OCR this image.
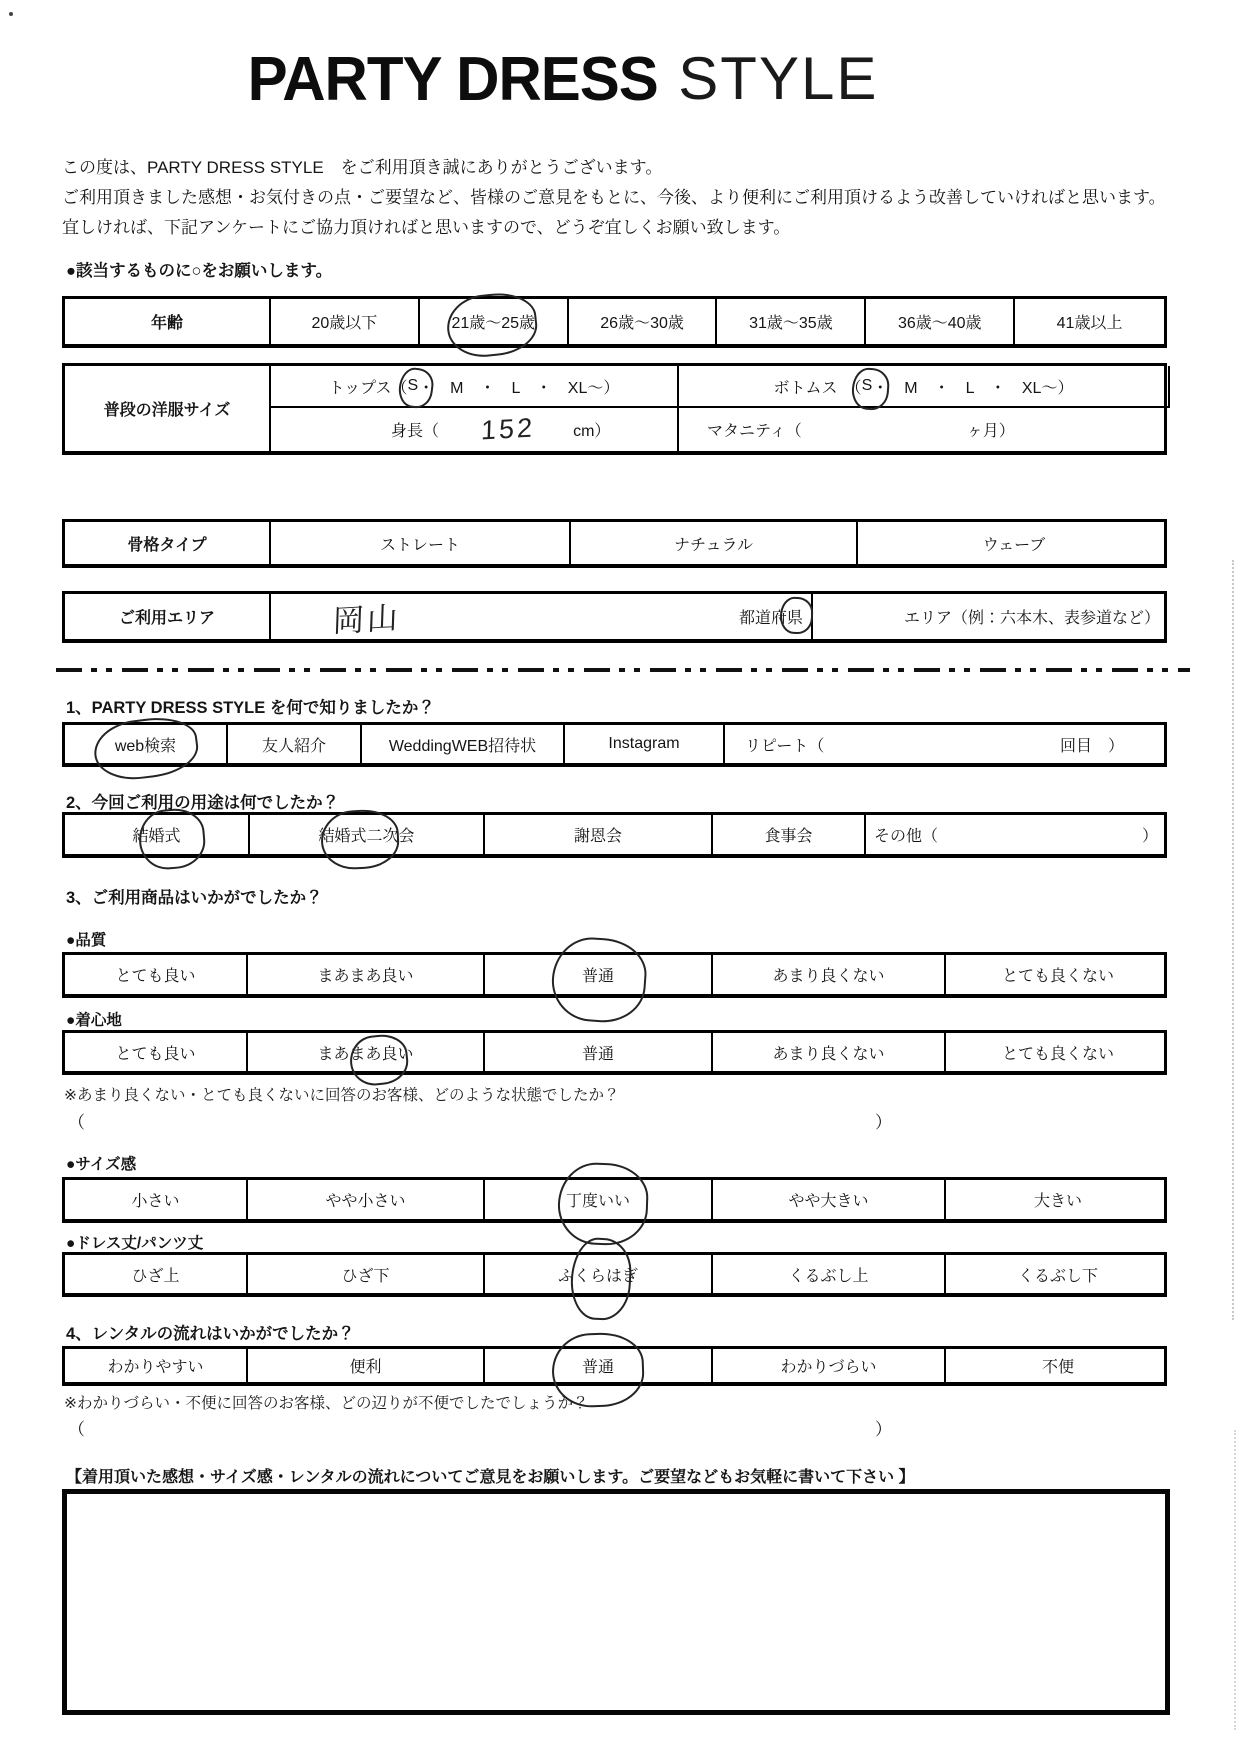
PARTY DRESS STYLE

この度は、PARTY DRESS STYLE　をご利用頂き誠にありがとうございます。

ご利用頂きました感想・お気付きの点・ご要望など、皆様のご意見をもとに、今後、より便利にご利用頂けるよう改善していければと思います。

宜しければ、下記アンケートにご協力頂ければと思いますので、どうぞ宜しくお願い致します。

●該当するものに○をお願いします。
年齢	20歳以下	21歳～25歳	26歳～30歳	31歳～35歳	36歳～40歳	41歳以上
普段の洋服サイズ
トップス（ S ・　M　・　L　・　XL～）	ボトムス　（ S ・　M　・　L　・　XL～）
身長（ 152 cm）	マタニティ（	ヶ月）
骨格タイプ	ストレート	ナチュラル	ウェーブ
ご利用エリア	岡山	都道府県	エリア（例：六本木、表参道など）
1、PARTY DRESS STYLE を何で知りましたか？
web検索	友人紹介	WeddingWEB招待状	Instagram	リピート（	回目　）
2、今回ご利用の用途は何でしたか？
結婚式	結婚式二次会	謝恩会	食事会	その他（	）
3、ご利用商品はいかがでしたか？
●品質
とても良い	まあまあ良い	普通	あまり良くない	とても良くない
●着心地
とても良い	まあまあ良い	普通	あまり良くない	とても良くない
※あまり良くない・とても良くないに回答のお客様、どのような状態でしたか？
（	）
●サイズ感
小さい	やや小さい	丁度いい	やや大きい	大きい
●ドレス丈/パンツ丈
ひざ上	ひざ下	ふくらはぎ	くるぶし上	くるぶし下
4、レンタルの流れはいかがでしたか？
わかりやすい	便利	普通	わかりづらい	不便
※わかりづらい・不便に回答のお客様、どの辺りが不便でしたでしょうか？
（	）
【着用頂いた感想・サイズ感・レンタルの流れについてご意見をお願いします。ご要望などもお気軽に書いて下さい 】
